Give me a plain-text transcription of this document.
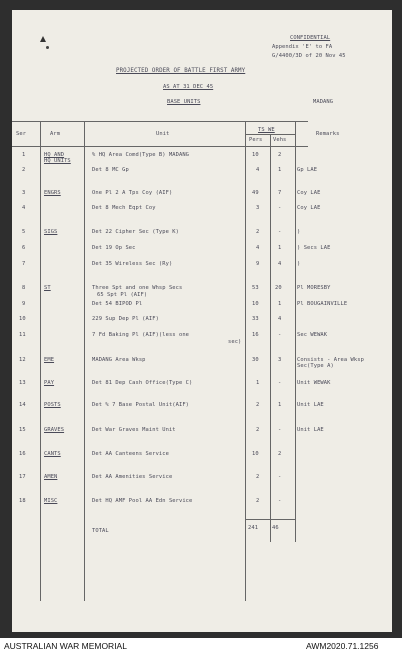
CONFIDENTIAL
Appendix 'E' to FA
G/4400/3D of 20 Nov 45
PROJECTED ORDER OF BATTLE FIRST ARMY
AS AT 31 DEC 45
BASE UNITS	MADANG
Ser	Arm	Unit
TS WE
Pers Vehs
Remarks
1	HQ AND
HQ UNITS
% HQ Area Comd(Type B) MADANG	10	2
2	Det 8 MC Gp	4	1	Gp LAE
3	ENGRS	One Pl 2 A Tps Coy (AIF)	49	7	Coy LAE
4	Det 8 Mech Eqpt Coy	3	-	Coy LAE
5	SIGS	Det 22 Cipher Sec (Type K)	2	-	)
6	Det 19 Op Sec	4	1	) Secs LAE
7	Det 35 Wireless Sec (Ry)	9	4	)
8	ST	Three Spt and one Whsp Secs
65 Spt Pl (AIF)
53	20	Pl MORESBY
9	Det 54 BIPOD Pl	10	1	Pl BOUGAINVILLE
10	229 Sup Dep Pl (AIF)	33	4
11	7 Fd Baking Pl (AIF)(less one
sec)
16	-	Sec WEWAK
12	EME	MADANG Area Wksp	30	3	Consists - Area Wksp
Sec(Type A)
13	PAY	Det 81 Dep Cash Office(Type C)	1	-	Unit WEWAK
14	POSTS	Det % 7 Base Postal Unit(AIF)	2	1	Unit LAE
15	GRAVES	Det War Graves Maint Unit	2	-	Unit LAE
16	CANTS	Det AA Canteens Service	10	2
17	AMEN	Det AA Amenities Service	2	-
18	MISC	Det HQ AMF Pool AA Edn Service	2	-
TOTAL	241	46
AUSTRALIAN WAR MEMORIAL	AWM2020.71.1256
